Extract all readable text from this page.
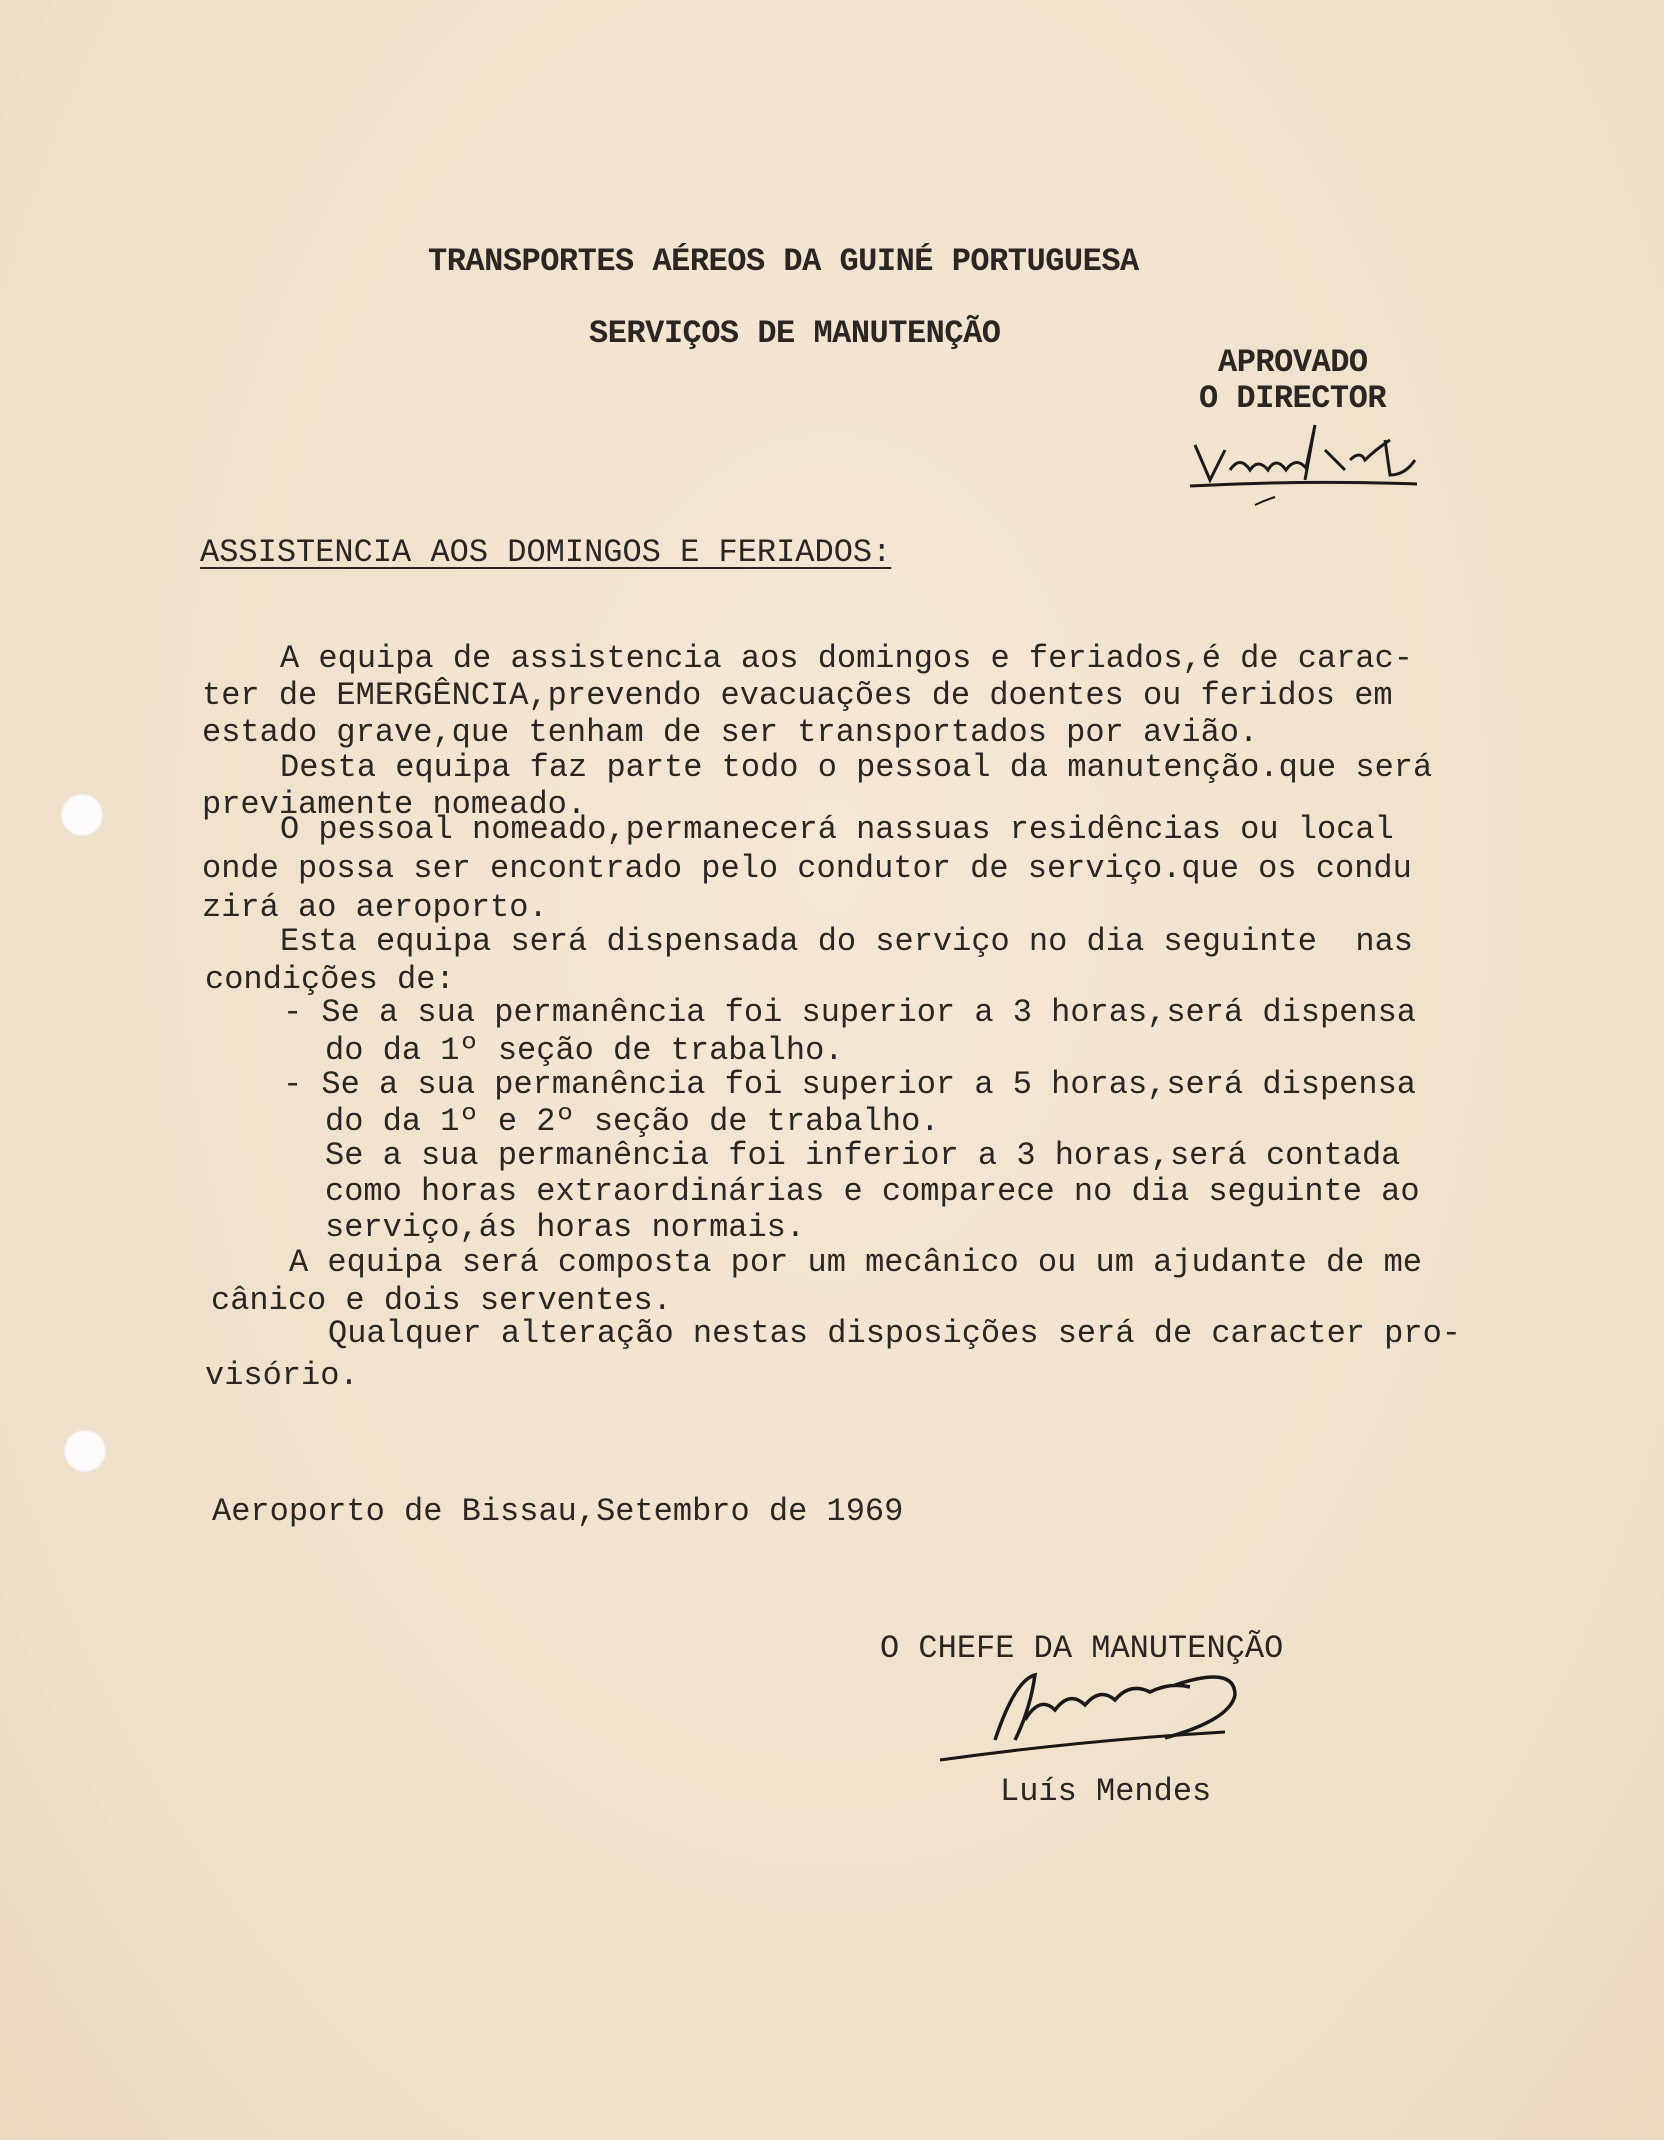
TRANSPORTES AÉREOS DA GUINÉ PORTUGUESA
SERVIÇOS DE MANUTENÇÃO
APROVADO
O DIRECTOR
ASSISTENCIA AOS DOMINGOS E FERIADOS:
A equipa de assistencia aos domingos e feriados,é de carac-
ter de EMERGÊNCIA,prevendo evacuações de doentes ou feridos em
estado grave,que tenham de ser transportados por avião.
Desta equipa faz parte todo o pessoal da manutenção.que será
previamente nomeado.
O pessoal nomeado,permanecerá nassuas residências ou local
onde possa ser encontrado pelo condutor de serviço.que os condu
zirá ao aeroporto.
Esta equipa será dispensada do serviço no dia seguinte  nas
condições de:
- Se a sua permanência foi superior a 3 horas,será dispensa
do da 1º seção de trabalho.
- Se a sua permanência foi superior a 5 horas,será dispensa
do da 1º e 2º seção de trabalho.
Se a sua permanência foi inferior a 3 horas,será contada
como horas extraordinárias e comparece no dia seguinte ao
serviço,ás horas normais.
A equipa será composta por um mecânico ou um ajudante de me
cânico e dois serventes.
Qualquer alteração nestas disposições será de caracter pro-
visório.
Aeroporto de Bissau,Setembro de 1969
O CHEFE DA MANUTENÇÃO
Luís Mendes
